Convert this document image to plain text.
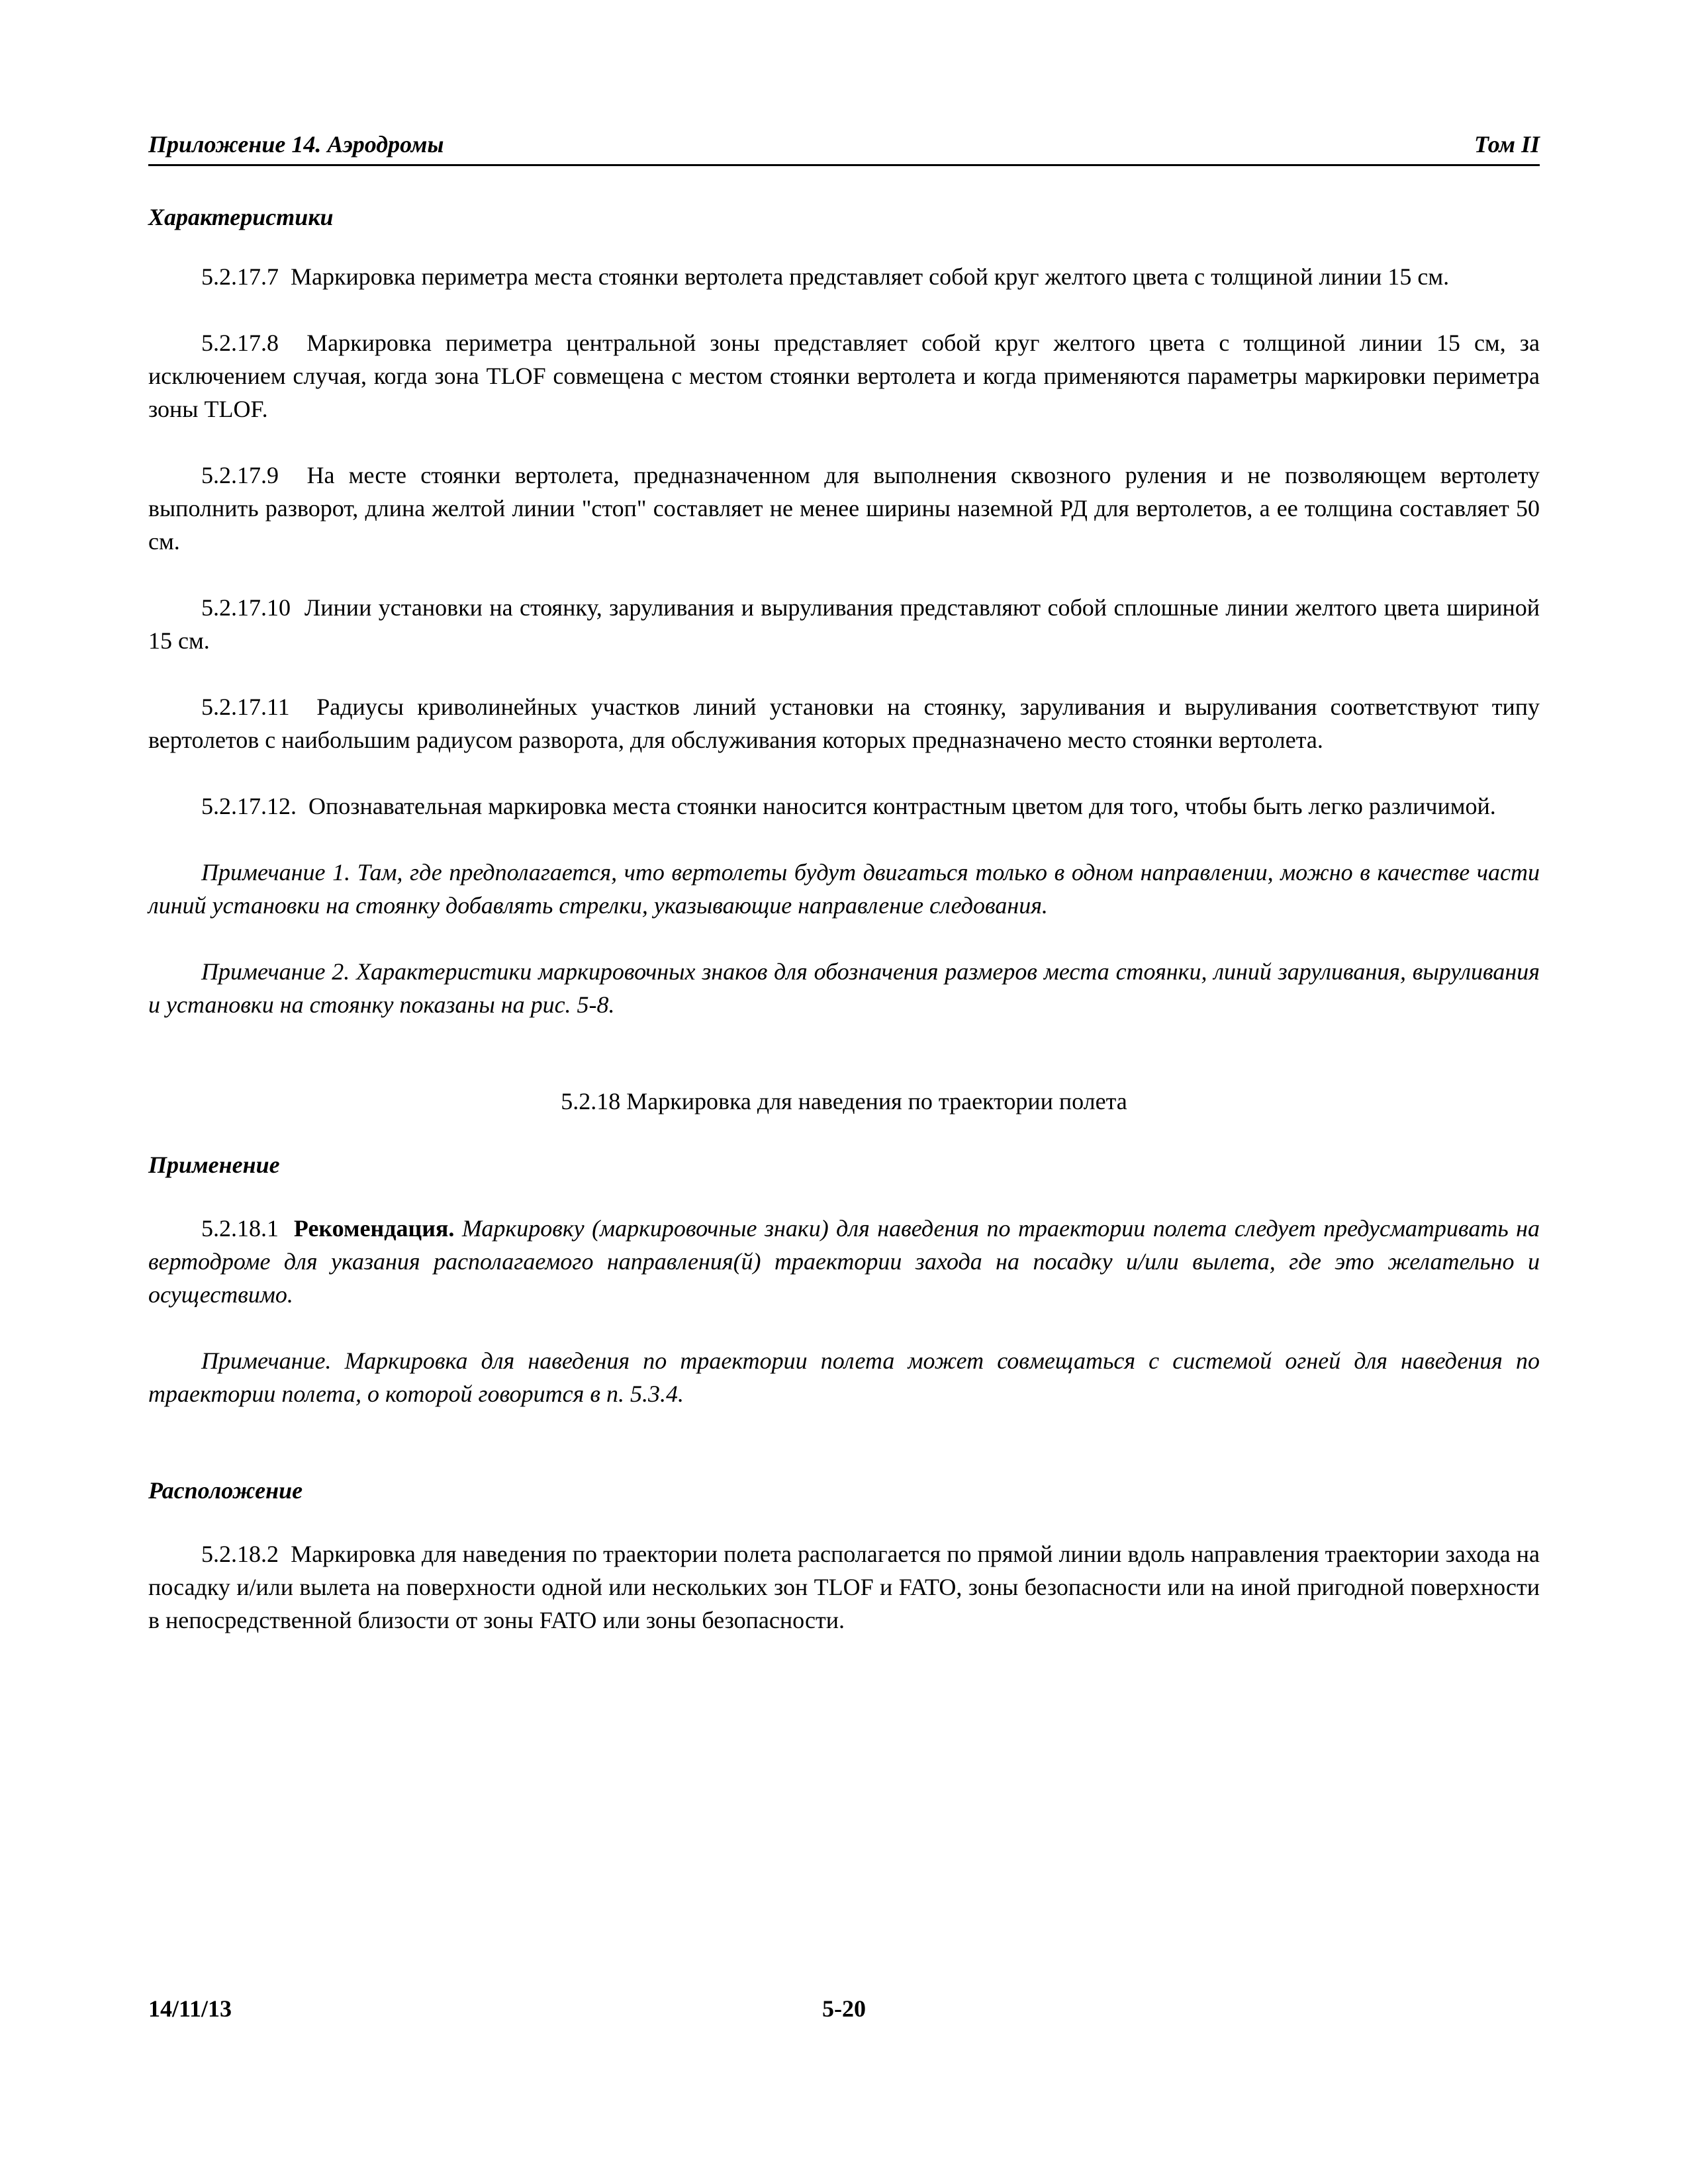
Приложение 14. Аэродромы	Том II
Характеристики

5.2.17.7 Маркировка периметра места стоянки вертолета представляет собой круг желтого цвета с толщиной линии 15 см.

5.2.17.8 Маркировка периметра центральной зоны представляет собой круг желтого цвета с толщиной линии 15 см, за исключением случая, когда зона TLOF совмещена с местом стоянки вертолета и когда применяются параметры маркировки периметра зоны TLOF.

5.2.17.9 На месте стоянки вертолета, предназначенном для выполнения сквозного руления и не позволяющем вертолету выполнить разворот, длина желтой линии "стоп" составляет не менее ширины наземной РД для вертолетов, а ее толщина составляет 50 см.

5.2.17.10 Линии установки на стоянку, заруливания и выруливания представляют собой сплошные линии желтого цвета шириной 15 см.

5.2.17.11 Радиусы криволинейных участков линий установки на стоянку, заруливания и выруливания соответствуют типу вертолетов с наибольшим радиусом разворота, для обслуживания которых предназначено место стоянки вертолета.

5.2.17.12. Опознавательная маркировка места стоянки наносится контрастным цветом для того, чтобы быть легко различимой.

Примечание 1. Там, где предполагается, что вертолеты будут двигаться только в одном направлении, можно в качестве части линий установки на стоянку добавлять стрелки, указывающие направление следования.

Примечание 2. Характеристики маркировочных знаков для обозначения размеров места стоянки, линий заруливания, выруливания и установки на стоянку показаны на рис. 5-8.

5.2.18 Маркировка для наведения по траектории полета

Применение

5.2.18.1 Рекомендация. Маркировку (маркировочные знаки) для наведения по траектории полета следует предусматривать на вертодроме для указания располагаемого направления(й) траектории захода на посадку и/или вылета, где это желательно и осуществимо.

Примечание. Маркировка для наведения по траектории полета может совмещаться с системой огней для наведения по траектории полета, о которой говорится в п. 5.3.4.

Расположение

5.2.18.2 Маркировка для наведения по траектории полета располагается по прямой линии вдоль направления траектории захода на посадку и/или вылета на поверхности одной или нескольких зон TLOF и FATO, зоны безопасности или на иной пригодной поверхности в непосредственной близости от зоны FATO или зоны безопасности.

14/11/13	5-20
